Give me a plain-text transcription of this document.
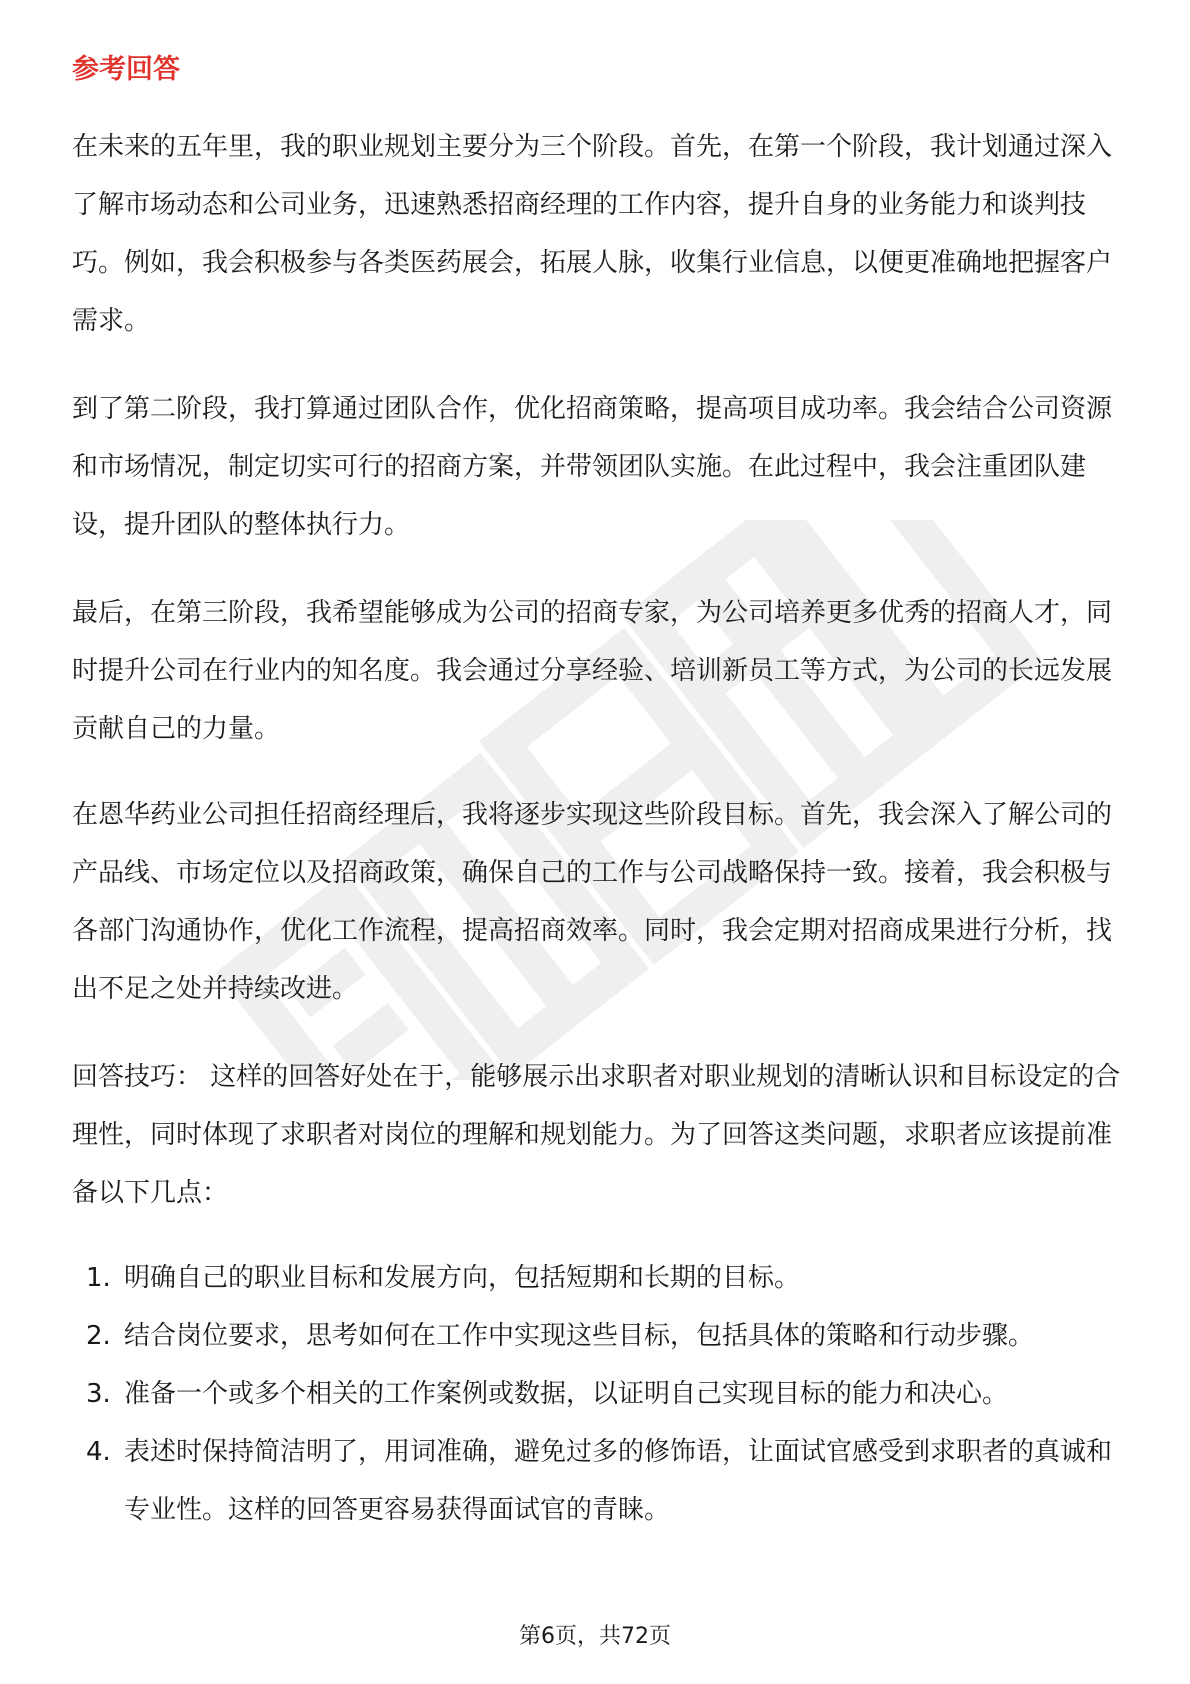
参考回答

在未来的五年里，我的职业规划主要分为三个阶段。首先，在第一个阶段，我计划通过深入了解市场动态和公司业务，迅速熟悉招商经理的工作内容，提升自身的业务能力和谈判技巧。例如，我会积极参与各类医药展会，拓展人脉，收集行业信息，以便更准确地把握客户需求。

到了第二阶段，我打算通过团队合作，优化招商策略，提高项目成功率。我会结合公司资源和市场情况，制定切实可行的招商方案，并带领团队实施。在此过程中，我会注重团队建设，提升团队的整体执行力。

最后，在第三阶段，我希望能够成为公司的招商专家，为公司培养更多优秀的招商人才，同时提升公司在行业内的知名度。我会通过分享经验、培训新员工等方式，为公司的长远发展贡献自己的力量。

在恩华药业公司担任招商经理后，我将逐步实现这些阶段目标。首先，我会深入了解公司的产品线、市场定位以及招商政策，确保自己的工作与公司战略保持一致。接着，我会积极与各部门沟通协作，优化工作流程，提高招商效率。同时，我会定期对招商成果进行分析，找出不足之处并持续改进。

回答技巧： 这样的回答好处在于，能够展示出求职者对职业规划的清晰认识和目标设定的合理性，同时体现了求职者对岗位的理解和规划能力。为了回答这类问题，求职者应该提前准备以下几点：

1. 明确自己的职业目标和发展方向，包括短期和长期的目标。
2. 结合岗位要求，思考如何在工作中实现这些目标，包括具体的策略和行动步骤。
3. 准备一个或多个相关的工作案例或数据，以证明自己实现目标的能力和决心。
4. 表述时保持简洁明了，用词准确，避免过多的修饰语，让面试官感受到求职者的真诚和专业性。这样的回答更容易获得面试官的青睐。
第6页，共72页
